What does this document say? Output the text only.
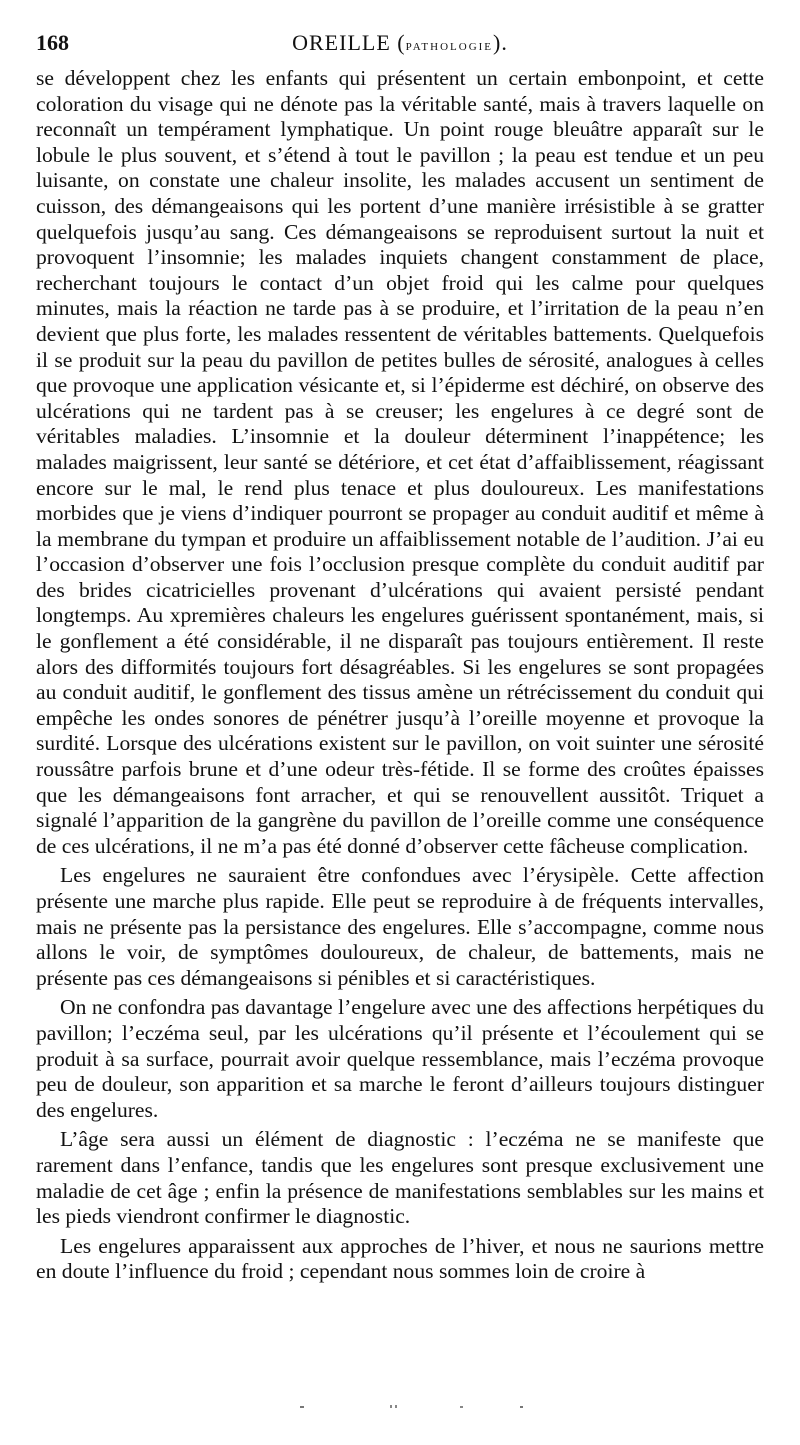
168	OREILLE (pathologie).

se développent chez les enfants qui présentent un certain embonpoint, et cette coloration du visage qui ne dénote pas la véritable santé, mais à travers laquelle on reconnaît un tempérament lymphatique. Un point rouge bleuâtre apparaît sur le lobule le plus souvent, et s’étend à tout le pavillon ; la peau est tendue et un peu luisante, on constate une chaleur insolite, les malades accusent un sentiment de cuisson, des démangeaisons qui les portent d’une manière irrésistible à se gratter quelquefois jusqu’au sang. Ces démangeaisons se reproduisent surtout la nuit et provoquent l’insomnie; les malades inquiets changent constamment de place, recherchant toujours le contact d’un objet froid qui les calme pour quelques minutes, mais la réaction ne tarde pas à se produire, et l’irritation de la peau n’en devient que plus forte, les malades ressentent de véritables battements. Quelquefois il se produit sur la peau du pavillon de petites bulles de sérosité, analogues à celles que provoque une application vésicante et, si l’épiderme est déchiré, on observe des ulcérations qui ne tardent pas à se creuser; les engelures à ce degré sont de véritables maladies. L’insomnie et la douleur déterminent l’inappétence; les malades maigrissent, leur santé se détériore, et cet état d’affaiblissement, réagissant encore sur le mal, le rend plus tenace et plus douloureux. Les manifestations morbides que je viens d’indiquer pourront se propager au conduit auditif et même à la membrane du tympan et produire un affaiblissement notable de l’audition. J’ai eu l’occasion d’observer une fois l’occlusion presque complète du conduit auditif par des brides cicatricielles provenant d’ulcérations qui avaient persisté pendant longtemps. Au xpremières chaleurs les engelures guérissent spontanément, mais, si le gonflement a été considérable, il ne disparaît pas toujours entièrement. Il reste alors des difformités toujours fort désagréables. Si les engelures se sont propagées au conduit auditif, le gonflement des tissus amène un rétrécissement du conduit qui empêche les ondes sonores de pénétrer jusqu’à l’oreille moyenne et provoque la surdité. Lorsque des ulcérations existent sur le pavillon, on voit suinter une sérosité roussâtre parfois brune et d’une odeur très-fétide. Il se forme des croûtes épaisses que les démangeaisons font arracher, et qui se renouvellent aussitôt. Triquet a signalé l’apparition de la gangrène du pavillon de l’oreille comme une conséquence de ces ulcérations, il ne m’a pas été donné d’observer cette fâcheuse complication.

Les engelures ne sauraient être confondues avec l’érysipèle. Cette affection présente une marche plus rapide. Elle peut se reproduire à de fréquents intervalles, mais ne présente pas la persistance des engelures. Elle s’accompagne, comme nous allons le voir, de symptômes douloureux, de chaleur, de battements, mais ne présente pas ces démangeaisons si pénibles et si caractéristiques.

On ne confondra pas davantage l’engelure avec une des affections herpétiques du pavillon; l’eczéma seul, par les ulcérations qu’il présente et l’écoulement qui se produit à sa surface, pourrait avoir quelque ressemblance, mais l’eczéma provoque peu de douleur, son apparition et sa marche le feront d’ailleurs toujours distinguer des engelures.

L’âge sera aussi un élément de diagnostic : l’eczéma ne se manifeste que rarement dans l’enfance, tandis que les engelures sont presque exclusivement une maladie de cet âge ; enfin la présence de manifestations semblables sur les mains et les pieds viendront confirmer le diagnostic.

Les engelures apparaissent aux approches de l’hiver, et nous ne saurions mettre en doute l’influence du froid ; cependant nous sommes loin de croire à
